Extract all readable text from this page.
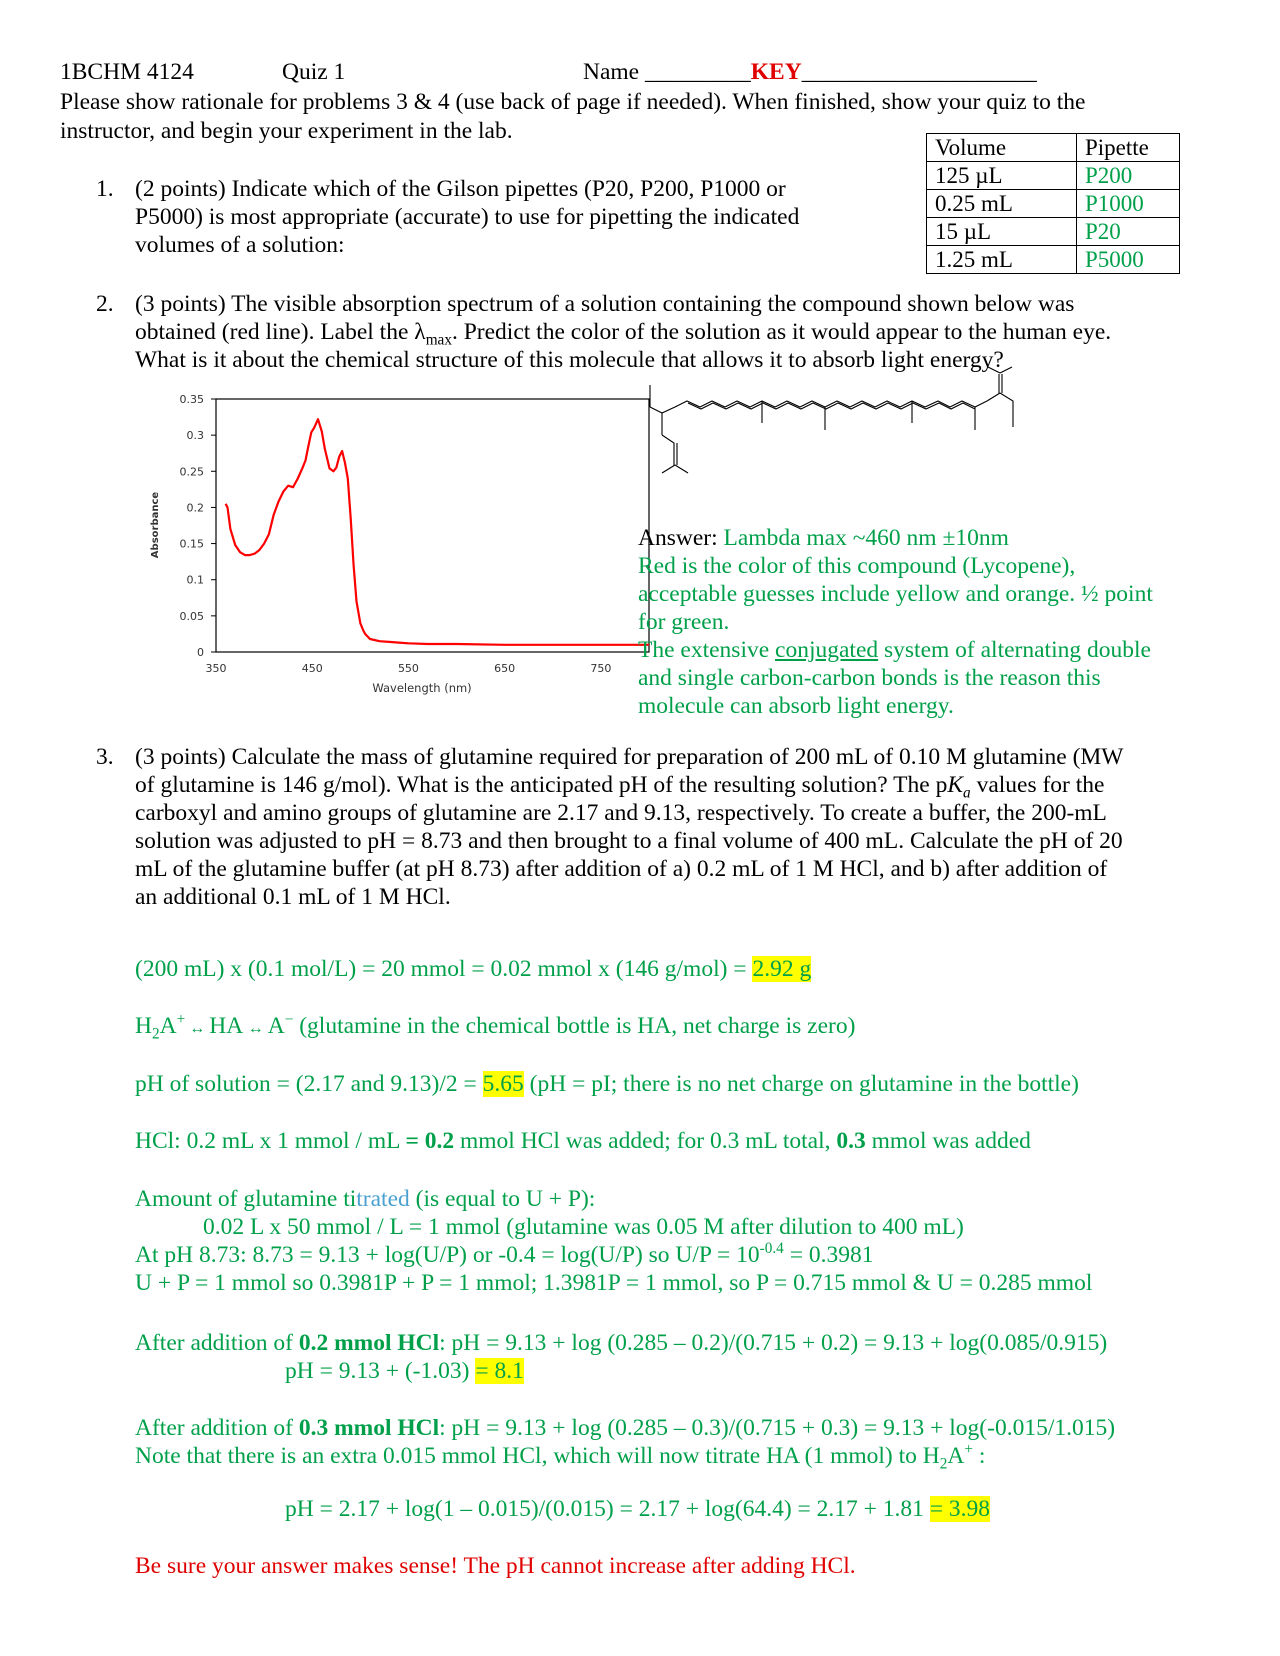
1BCHM 4124	Quiz 1	Name _________KEY____________________
Please show rationale for problems 3 & 4 (use back of page if needed). When finished, show your quiz to the
instructor, and begin your experiment in the lab.
Volume	Pipette
125 µL	P200
0.25 mL	P1000
15 µL	P20
1.25 mL	P5000
1. (2 points) Indicate which of the Gilson pipettes (P20, P200, P1000 or
P5000) is most appropriate (accurate) to use for pipetting the indicated
volumes of a solution:
2. (3 points) The visible absorption spectrum of a solution containing the compound shown below was
obtained (red line). Label the $\lambda_{max}$. Predict the color of the solution as it would appear to the human eye.
What is it about the chemical structure of this molecule that allows it to absorb light energy?
0
0.05
0.1
0.15
0.2
0.25
0.3
0.35
350	450	550	650	750
Wavelength (nm)
Absorbance	Answer: Lambda max ~460 nm ±10nm
Red is the color of this compound (Lycopene),
acceptable guesses include yellow and orange. ½ point
for green.
The extensive conjugated system of alternating double
and single carbon-carbon bonds is the reason this
molecule can absorb light energy.
3. (3 points) Calculate the mass of glutamine required for preparation of 200 mL of 0.10 M glutamine (MW
of glutamine is 146 g/mol). What is the anticipated pH of the resulting solution? The $pK_a$ values for the
carboxyl and amino groups of glutamine are 2.17 and 9.13, respectively. To create a buffer, the 200-mL
solution was adjusted to pH = 8.73 and then brought to a final volume of 400 mL. Calculate the pH of 20
mL of the glutamine buffer (at pH 8.73) after addition of a) 0.2 mL of 1 M HCl, and b) after addition of
an additional 0.1 mL of 1 M HCl.
(200 mL) x (0.1 mol/L) = 20 mmol = 0.02 mmol x (146 g/mol) = 2.92 g
$H_2A^+$ ↔ HA ↔ A− (glutamine in the chemical bottle is HA, net charge is zero)
pH of solution = (2.17 and 9.13)/2 = 5.65 (pH = pI; there is no net charge on glutamine in the bottle)
HCl: 0.2 mL x 1 mmol / mL = 0.2 mmol HCl was added; for 0.3 mL total, 0.3 mmol was added
Amount of glutamine titrated (is equal to U + P):
0.02 L x 50 mmol / L = 1 mmol (glutamine was 0.05 M after dilution to 400 mL)
At pH 8.73: 8.73 = 9.13 + log(U/P) or -0.4 = log(U/P) so $U/P = 10^{-0.4} = 0.3981$
U + P = 1 mmol so 0.3981P + P = 1 mmol; 1.3981P = 1 mmol, so P = 0.715 mmol & U = 0.285 mmol
After addition of 0.2 mmol HCl: pH = 9.13 + log (0.285 – 0.2)/(0.715 + 0.2) = 9.13 + log(0.085/0.915)
pH = 9.13 + (-1.03) = 8.1
After addition of 0.3 mmol HCl: pH = 9.13 + log (0.285 – 0.3)/(0.715 + 0.3) = 9.13 + log(-0.015/1.015)
Note that there is an extra 0.015 mmol HCl, which will now titrate HA (1 mmol) to $H_2A^+$ :
pH = 2.17 + log(1 – 0.015)/(0.015) = 2.17 + log(64.4) = 2.17 + 1.81 = 3.98
Be sure your answer makes sense! The pH cannot increase after adding HCl.
